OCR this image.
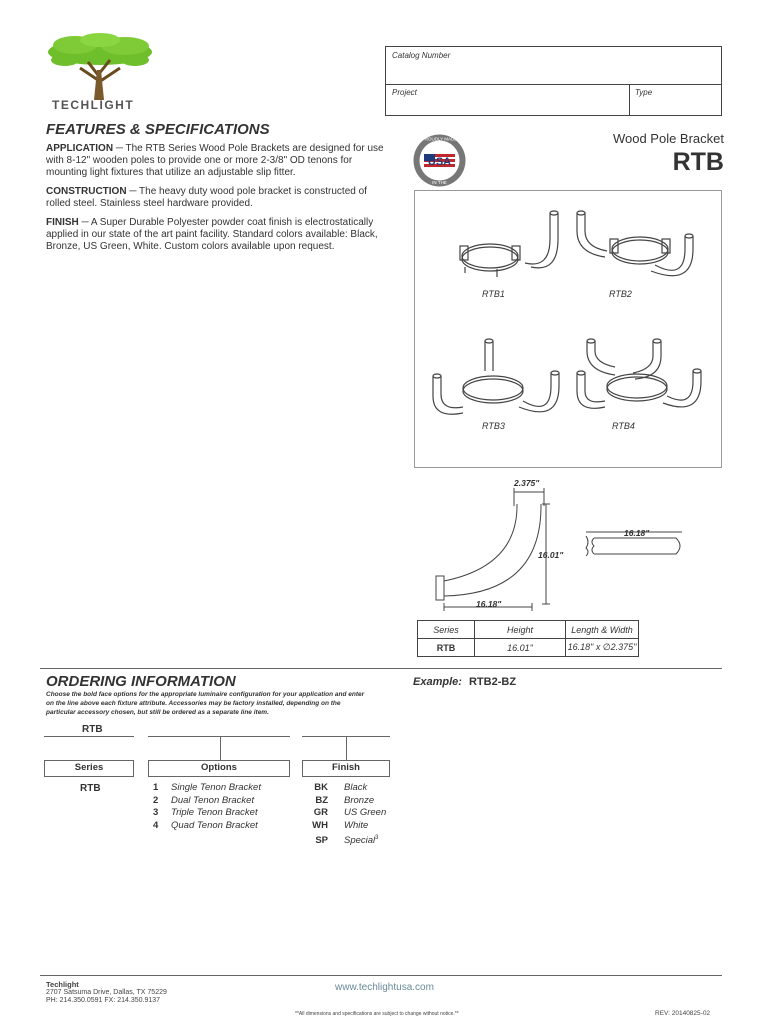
TECHLIGHT
Catalog Number
Project	Type
FEATURES & SPECIFICATIONS
APPLICATION ─ The RTB Series Wood Pole Brackets are designed for use with 8-12" wooden poles to provide one or more 2-3/8" OD tenons for mounting light fixtures that utilize an adjustable slip fitter.
CONSTRUCTION ─ The heavy duty wood pole bracket is constructed of rolled steel. Stainless steel hardware provided.
FINISH ─ A Super Durable Polyester powder coat finish is electrostatically applied in our state of the art paint facility. Standard colors available: Black, Bronze, US Green, White. Custom colors available upon request.
USA
PROUDLY MADE
IN THE
Wood Pole Bracket
RTB
RTB1	RTB2
RTB3	RTB4
2.375"
16.01"
16.18"
16.18"
Series	Height	Length & Width
RTB	16.01"	16.18" x ∅2.375"
ORDERING INFORMATION	Example: RTB2-BZ
Choose the bold face options for the appropriate luminaire configuration for your application and enter on the line above each fixture attribute. Accessories may be factory installed, depending on the particular accessory chosen, but still be ordered as a separate line item.
RTB
Series	Options	Finish
RTB	1 Single Tenon Bracket
2 Dual Tenon Bracket
3 Triple Tenon Bracket
4 Quad Tenon Bracket
BK Black
BZ Bronze
GR US Green
WH White
SP Special$^3$
Techlight
2707 Satsuma Drive, Dallas, TX 75229
PH: 214.350.0591 FX: 214.350.9137
www.techlightusa.com
**All dimensions and specifications are subject to change without notice.**	REV: 20140825-02
